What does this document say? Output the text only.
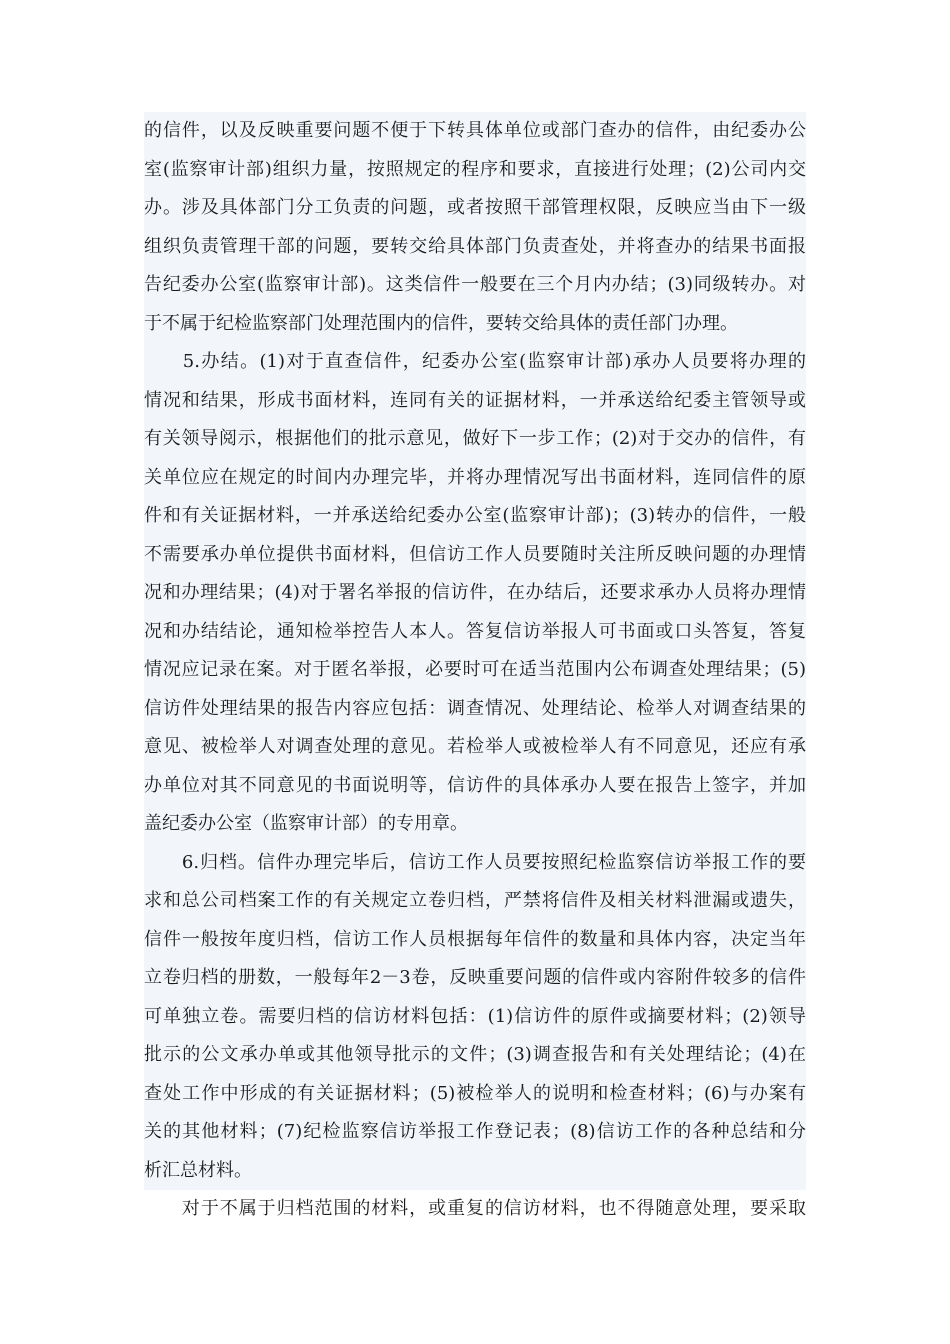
的信件，以及反映重要问题不便于下转具体单位或部门查办的信件，由纪委办公
室(监察审计部)组织力量，按照规定的程序和要求，直接进行处理；(2)公司内交
办。涉及具体部门分工负责的问题，或者按照干部管理权限，反映应当由下一级
组织负责管理干部的问题，要转交给具体部门负责查处，并将查办的结果书面报
告纪委办公室(监察审计部)。这类信件一般要在三个月内办结；(3)同级转办。对
于不属于纪检监察部门处理范围内的信件，要转交给具体的责任部门办理。
　　5.办结。(1)对于直查信件，纪委办公室(监察审计部)承办人员要将办理的
情况和结果，形成书面材料，连同有关的证据材料，一并承送给纪委主管领导或
有关领导阅示，根据他们的批示意见，做好下一步工作；(2)对于交办的信件，有
关单位应在规定的时间内办理完毕，并将办理情况写出书面材料，连同信件的原
件和有关证据材料，一并承送给纪委办公室(监察审计部)；(3)转办的信件，一般
不需要承办单位提供书面材料，但信访工作人员要随时关注所反映问题的办理情
况和办理结果；(4)对于署名举报的信访件，在办结后，还要求承办人员将办理情
况和办结结论，通知检举控告人本人。答复信访举报人可书面或口头答复，答复
情况应记录在案。对于匿名举报，必要时可在适当范围内公布调查处理结果；(5)
信访件处理结果的报告内容应包括：调查情况、处理结论、检举人对调查结果的
意见、被检举人对调查处理的意见。若检举人或被检举人有不同意见，还应有承
办单位对其不同意见的书面说明等，信访件的具体承办人要在报告上签字，并加
盖纪委办公室（监察审计部）的专用章。
　　6.归档。信件办理完毕后，信访工作人员要按照纪检监察信访举报工作的要
求和总公司档案工作的有关规定立卷归档，严禁将信件及相关材料泄漏或遗失，
信件一般按年度归档，信访工作人员根据每年信件的数量和具体内容，决定当年
立卷归档的册数，一般每年2－3卷，反映重要问题的信件或内容附件较多的信件
可单独立卷。需要归档的信访材料包括：(1)信访件的原件或摘要材料；(2)领导
批示的公文承办单或其他领导批示的文件；(3)调查报告和有关处理结论；(4)在
查处工作中形成的有关证据材料；(5)被检举人的说明和检查材料；(6)与办案有
关的其他材料；(7)纪检监察信访举报工作登记表；(8)信访工作的各种总结和分
析汇总材料。
　　对于不属于归档范围的材料，或重复的信访材料，也不得随意处理，要采取
